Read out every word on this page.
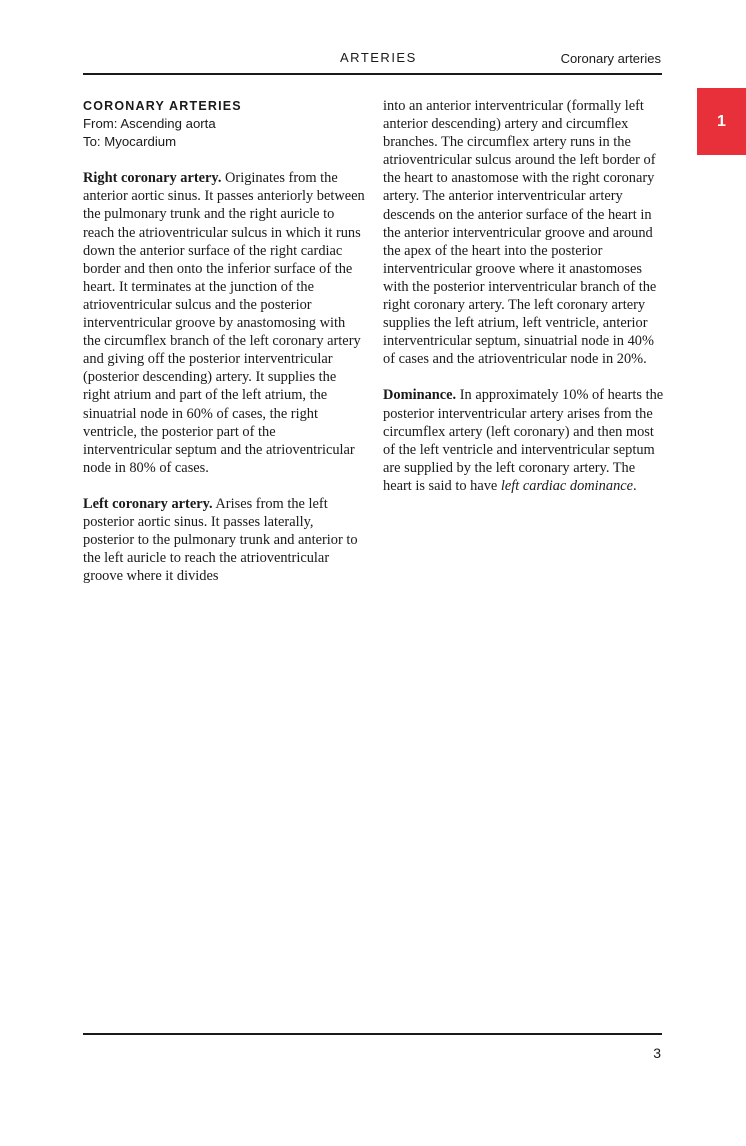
ARTERIES	Coronary arteries
1
CORONARY ARTERIES
From: Ascending aorta
To: Myocardium

Right coronary artery. Originates from the anterior aortic sinus. It passes anteriorly between the pulmonary trunk and the right auricle to reach the atrioventricular sulcus in which it runs down the anterior surface of the right cardiac border and then onto the inferior surface of the heart. It terminates at the junction of the atrioventricular sulcus and the posterior interventricular groove by anastomosing with the circumflex branch of the left coronary artery and giving off the posterior interventricular (posterior descending) artery. It supplies the right atrium and part of the left atrium, the sinuatrial node in 60% of cases, the right ventricle, the posterior part of the interventricular septum and the atrioventricular node in 80% of cases.

Left coronary artery. Arises from the left posterior aortic sinus. It passes laterally, posterior to the pulmonary trunk and anterior to the left auricle to reach the atrioventricular groove where it divides

into an anterior interventricular (formally left anterior descending) artery and circumflex branches. The circumflex artery runs in the atrioventricular sulcus around the left border of the heart to anastomose with the right coronary artery. The anterior interventricular artery descends on the anterior surface of the heart in the anterior interventricular groove and around the apex of the heart into the posterior interventricular groove where it anastomoses with the posterior interventricular branch of the right coronary artery. The left coronary artery supplies the left atrium, left ventricle, anterior interventricular septum, sinuatrial node in 40% of cases and the atrioventricular node in 20%.

Dominance. In approximately 10% of hearts the posterior interventricular artery arises from the circumflex artery (left coronary) and then most of the left ventricle and interventricular septum are supplied by the left coronary artery. The heart is said to have left cardiac dominance.

3
